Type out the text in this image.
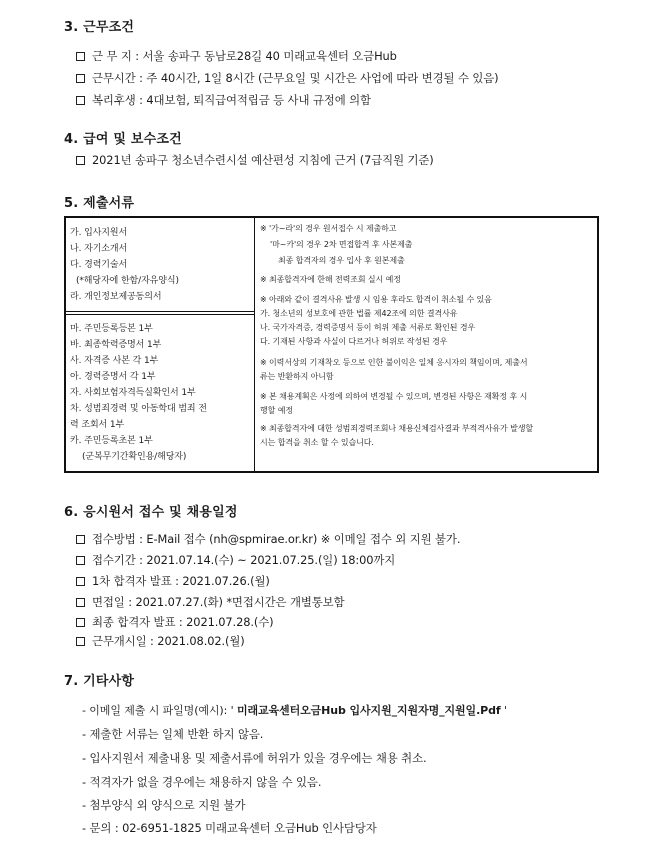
3. 근무조건
근 무 지 : 서울 송파구 동남로28길 40 미래교육센터 오금Hub
근무시간 : 주 40시간, 1일 8시간 (근무요일 및 시간은 사업에 따라 변경될 수 있음)
복리후생 : 4대보험, 퇴직급여적립금 등 사내 규정에 의함
4. 급여 및 보수조건
2021년 송파구 청소년수련시설 예산편성 지침에 근거 (7급직원 기준)
5. 제출서류
가. 입사지원서
나. 자기소개서
다. 경력기술서
(*해당자에 한함/자유양식)
라. 개인정보제공동의서
마. 주민등록등본 1부
바. 최종학력증명서 1부
사. 자격증 사본 각 1부
아. 경력증명서 각 1부
자. 사회보험자격득실확인서 1부
차. 성범죄경력 및 아동학대 범죄 전
력 조회서 1부
카. 주민등록초본 1부
(군복무기간확인용/해당자)
※ '가~라'의 경우 원서접수 시 제출하고
'마~카'의 경우 2차 면접합격 후 사본제출
최종 합격자의 경우 입사 후 원본제출
※ 최종합격자에 한해 전력조회 실시 예정
※ 아래와 같이 결격사유 발생 시 임용 후라도 합격이 취소될 수 있음
가. 청소년의 성보호에 관한 법률 제42조에 의한 결격사유
나. 국가자격증, 경력증명서 등이 허위 제출 서류로 확인된 경우
다. 기재된 사항과 사실이 다르거나 허위로 작성된 경우
※ 이력서상의 기재착오 등으로 인한 불이익은 일체 응시자의 책임이며, 제출서
류는 반환하지 아니함
※ 본 채용계획은 사정에 의하여 변경될 수 있으며, 변경된 사항은 재확정 후 시
행할 예정
※ 최종합격자에 대한 성범죄경력조회나 채용신체검사결과 부적격사유가 발생할
시는 합격을 취소 할 수 있습니다.
6. 응시원서 접수 및 채용일정
접수방법 : E-Mail 접수 (nh@spmirae.or.kr) ※ 이메일 접수 외 지원 불가.
접수기간 : 2021.07.14.(수) ~ 2021.07.25.(일) 18:00까지
1차 합격자 발표 : 2021.07.26.(월)
면접일 : 2021.07.27.(화) *면접시간은 개별통보함
최종 합격자 발표 : 2021.07.28.(수)
근무개시일 : 2021.08.02.(월)
7. 기타사항
- 이메일 제출 시 파일명(예시): ' 미래교육센터오금Hub 입사지원_지원자명_지원일.Pdf '
- 제출한 서류는 일체 반환 하지 않음.
- 입사지원서 제출내용 및 제출서류에 허위가 있을 경우에는 채용 취소.
- 적격자가 없을 경우에는 채용하지 않을 수 있음.
- 첨부양식 외 양식으로 지원 불가
- 문의 : 02-6951-1825 미래교육센터 오금Hub 인사담당자
